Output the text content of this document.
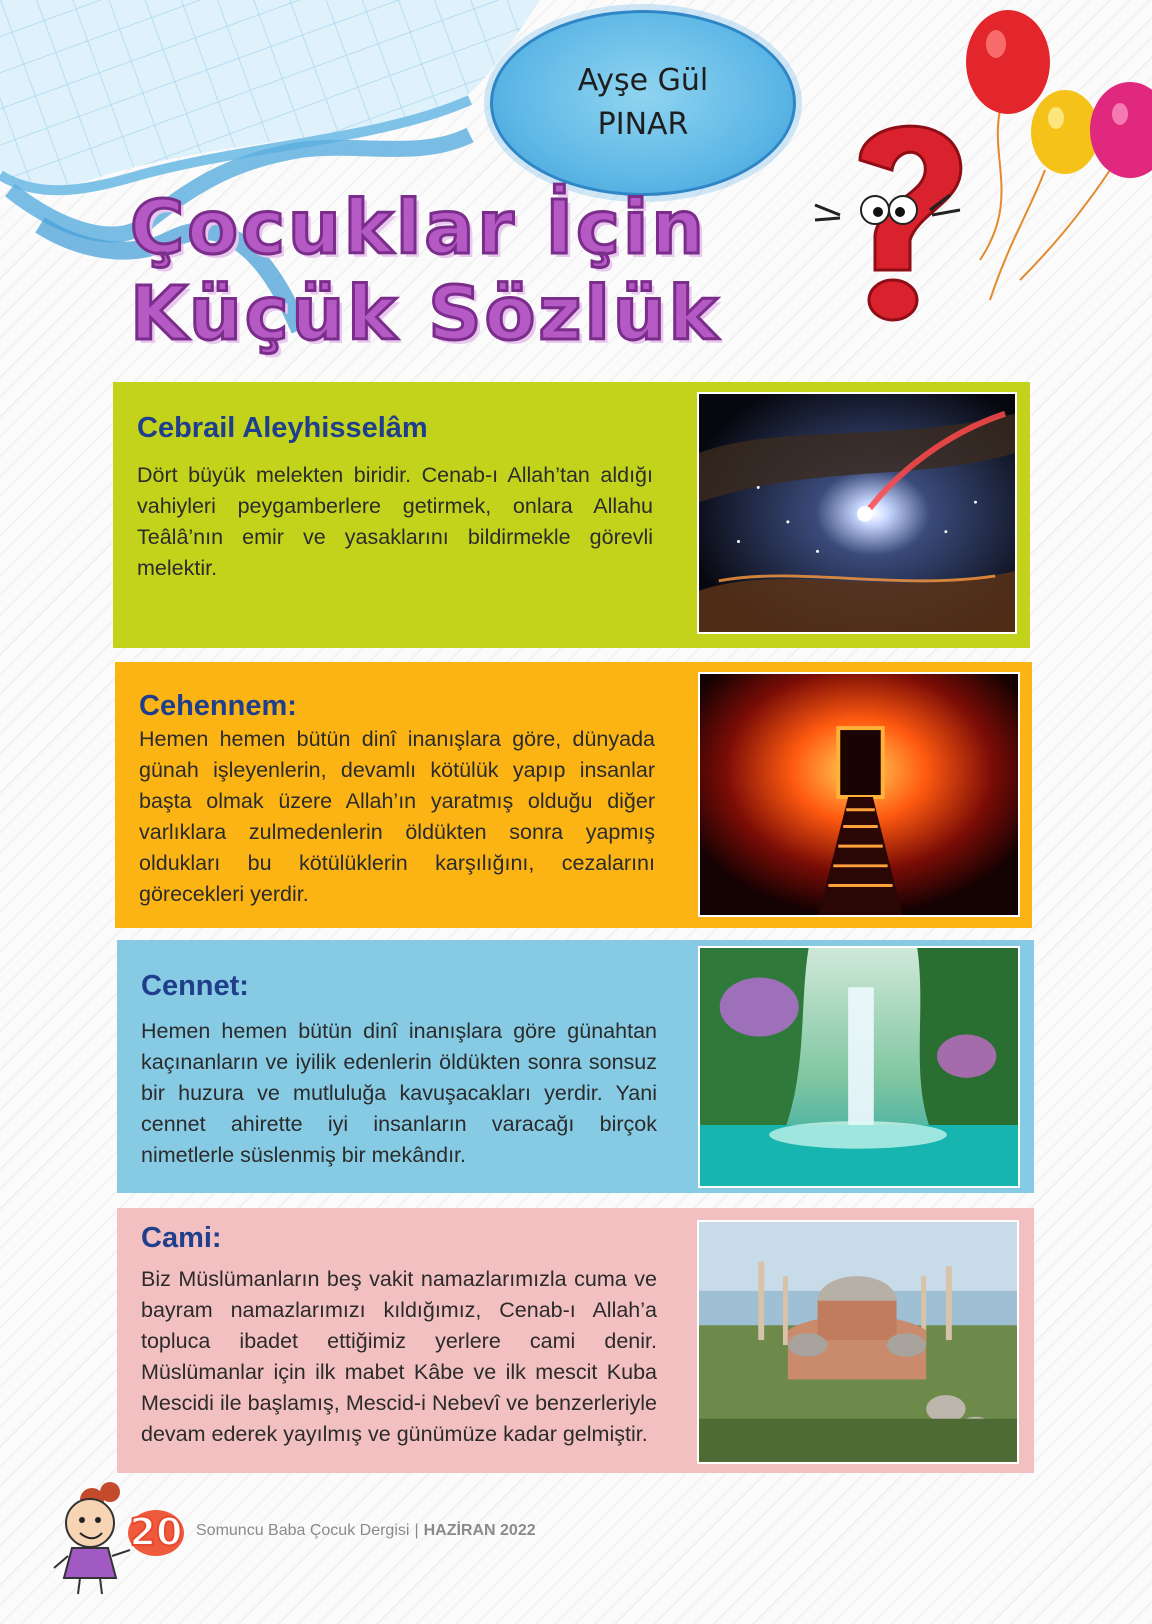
Ayşe Gül
PINAR
Çocuklar İçin
Küçük Sözlük
Cebrail Aleyhisselâm
Dört büyük melekten biridir. Cenab-ı Allah’tan aldığı vahiyleri peygamberlere getirmek, onlara Allahu Teâlâ’nın emir ve yasaklarını bildirmekle görevli melektir.
Cehennem:
Hemen hemen bütün dinî inanışlara göre, dünyada günah işleyenlerin, devamlı kötülük yapıp insanlar başta olmak üzere Allah’ın yaratmış olduğu diğer varlıklara zulmedenlerin öldükten sonra yapmış oldukları bu kötülüklerin karşılığını, cezalarını görecekleri yerdir.
Cennet:
Hemen hemen bütün dinî inanışlara göre günahtan kaçınanların ve iyilik edenlerin öldükten sonra sonsuz bir huzura ve mutluluğa kavuşacakları yerdir. Yani cennet ahirette iyi insanların varacağı birçok nimetlerle süslenmiş bir mekândır.
Cami:
Biz Müslümanların beş vakit namazlarımızla cuma ve bayram namazlarımızı kıldığımız, Cenab-ı Allah’a topluca ibadet ettiğimiz yerlere cami denir. Müslümanlar için ilk mabet Kâbe ve ilk mescit Kuba Mescidi ile başlamış, Mescid-i Nebevî ve benzerleriyle devam ederek yayılmış ve günümüze kadar gelmiştir.
20 Somuncu Baba Çocuk Dergisi | HAZİRAN 2022
